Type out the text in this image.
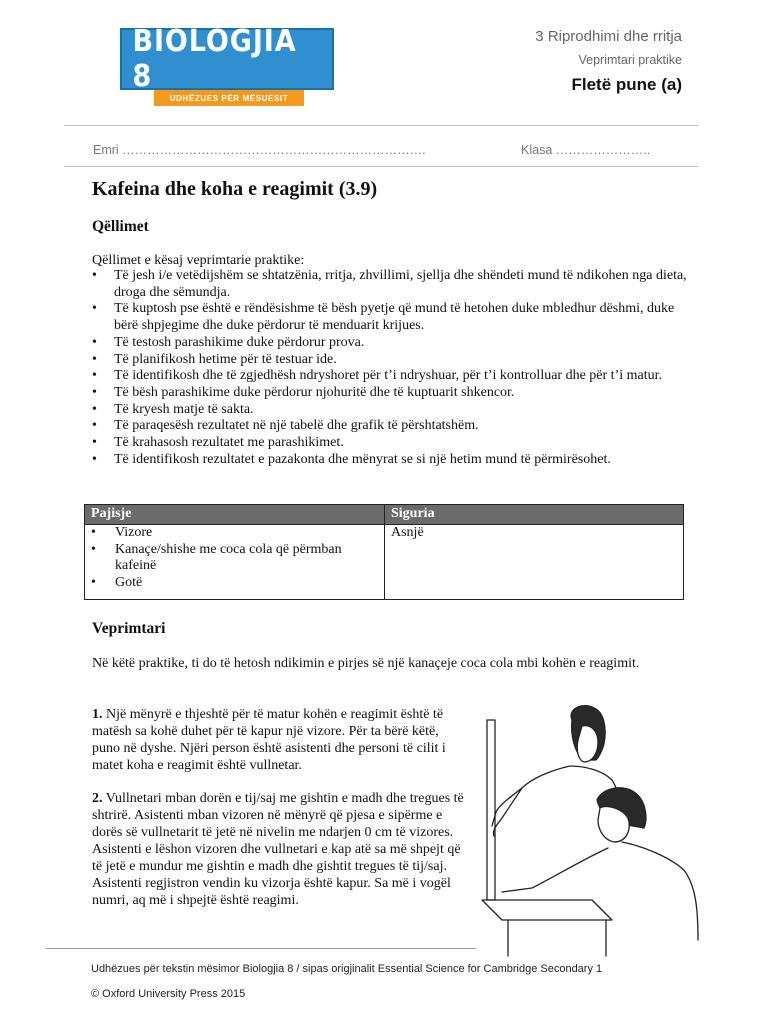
BIOLOGJIA 8
UDHËZUES PËR MËSUESIT
3 Riprodhimi dhe rritja
Veprimtari praktike
Fletë pune (a)
Emri ……………………………………………………………….	Klasa …………………..
Kafeina dhe koha e reagimit (3.9)
Qëllimet
Qëllimet e kësaj veprimtarie praktike:
• Të jesh i/e vetëdijshëm se shtatzënia, rritja, zhvillimi, sjellja dhe shëndeti mund të ndikohen nga dieta, droga dhe sëmundja.
• Të kuptosh pse është e rëndësishme të bësh pyetje që mund të hetohen duke mbledhur dëshmi, duke bërë shpjegime dhe duke përdorur të menduarit krijues.
• Të testosh parashikime duke përdorur prova.
• Të planifikosh hetime për të testuar ide.
• Të identifikosh dhe të zgjedhësh ndryshoret për t’i ndryshuar, për t’i kontrolluar dhe për t’i matur.
• Të bësh parashikime duke përdorur njohuritë dhe të kuptuarit shkencor.
• Të kryesh matje të sakta.
• Të paraqesësh rezultatet në një tabelë dhe grafik të përshtatshëm.
• Të krahasosh rezultatet me parashikimet.
• Të identifikosh rezultatet e pazakonta dhe mënyrat se si një hetim mund të përmirësohet.
Pajisje	Siguria
• Vizore
• Kanaçe/shishe me coca cola që përmban kafeinë
• Gotë
Asnjë
Veprimtari
Në këtë praktike, ti do të hetosh ndikimin e pirjes së një kanaçeje coca cola mbi kohën e reagimit.
1. Një mënyrë e thjeshtë për të matur kohën e reagimit është të matësh sa kohë duhet për të kapur një vizore. Për ta bërë këtë, puno në dyshe. Njëri person është asistenti dhe personi të cilit i matet koha e reagimit është vullnetar.
2. Vullnetari mban dorën e tij/saj me gishtin e madh dhe tregues të shtrirë. Asistenti mban vizoren në mënyrë që pjesa e sipërme e dorës së vullnetarit të jetë në nivelin me ndarjen 0 cm të vizores. Asistenti e lëshon vizoren dhe vullnetari e kap atë sa më shpejt që të jetë e mundur me gishtin e madh dhe gishtit tregues të tij/saj. Asistenti regjistron vendin ku vizorja është kapur. Sa më i vogël numri, aq më i shpejtë është reagimi.
Udhëzues për tekstin mësimor Biologjia 8 / sipas origjinalit Essential Science for Cambridge Secondary 1
© Oxford University Press 2015
